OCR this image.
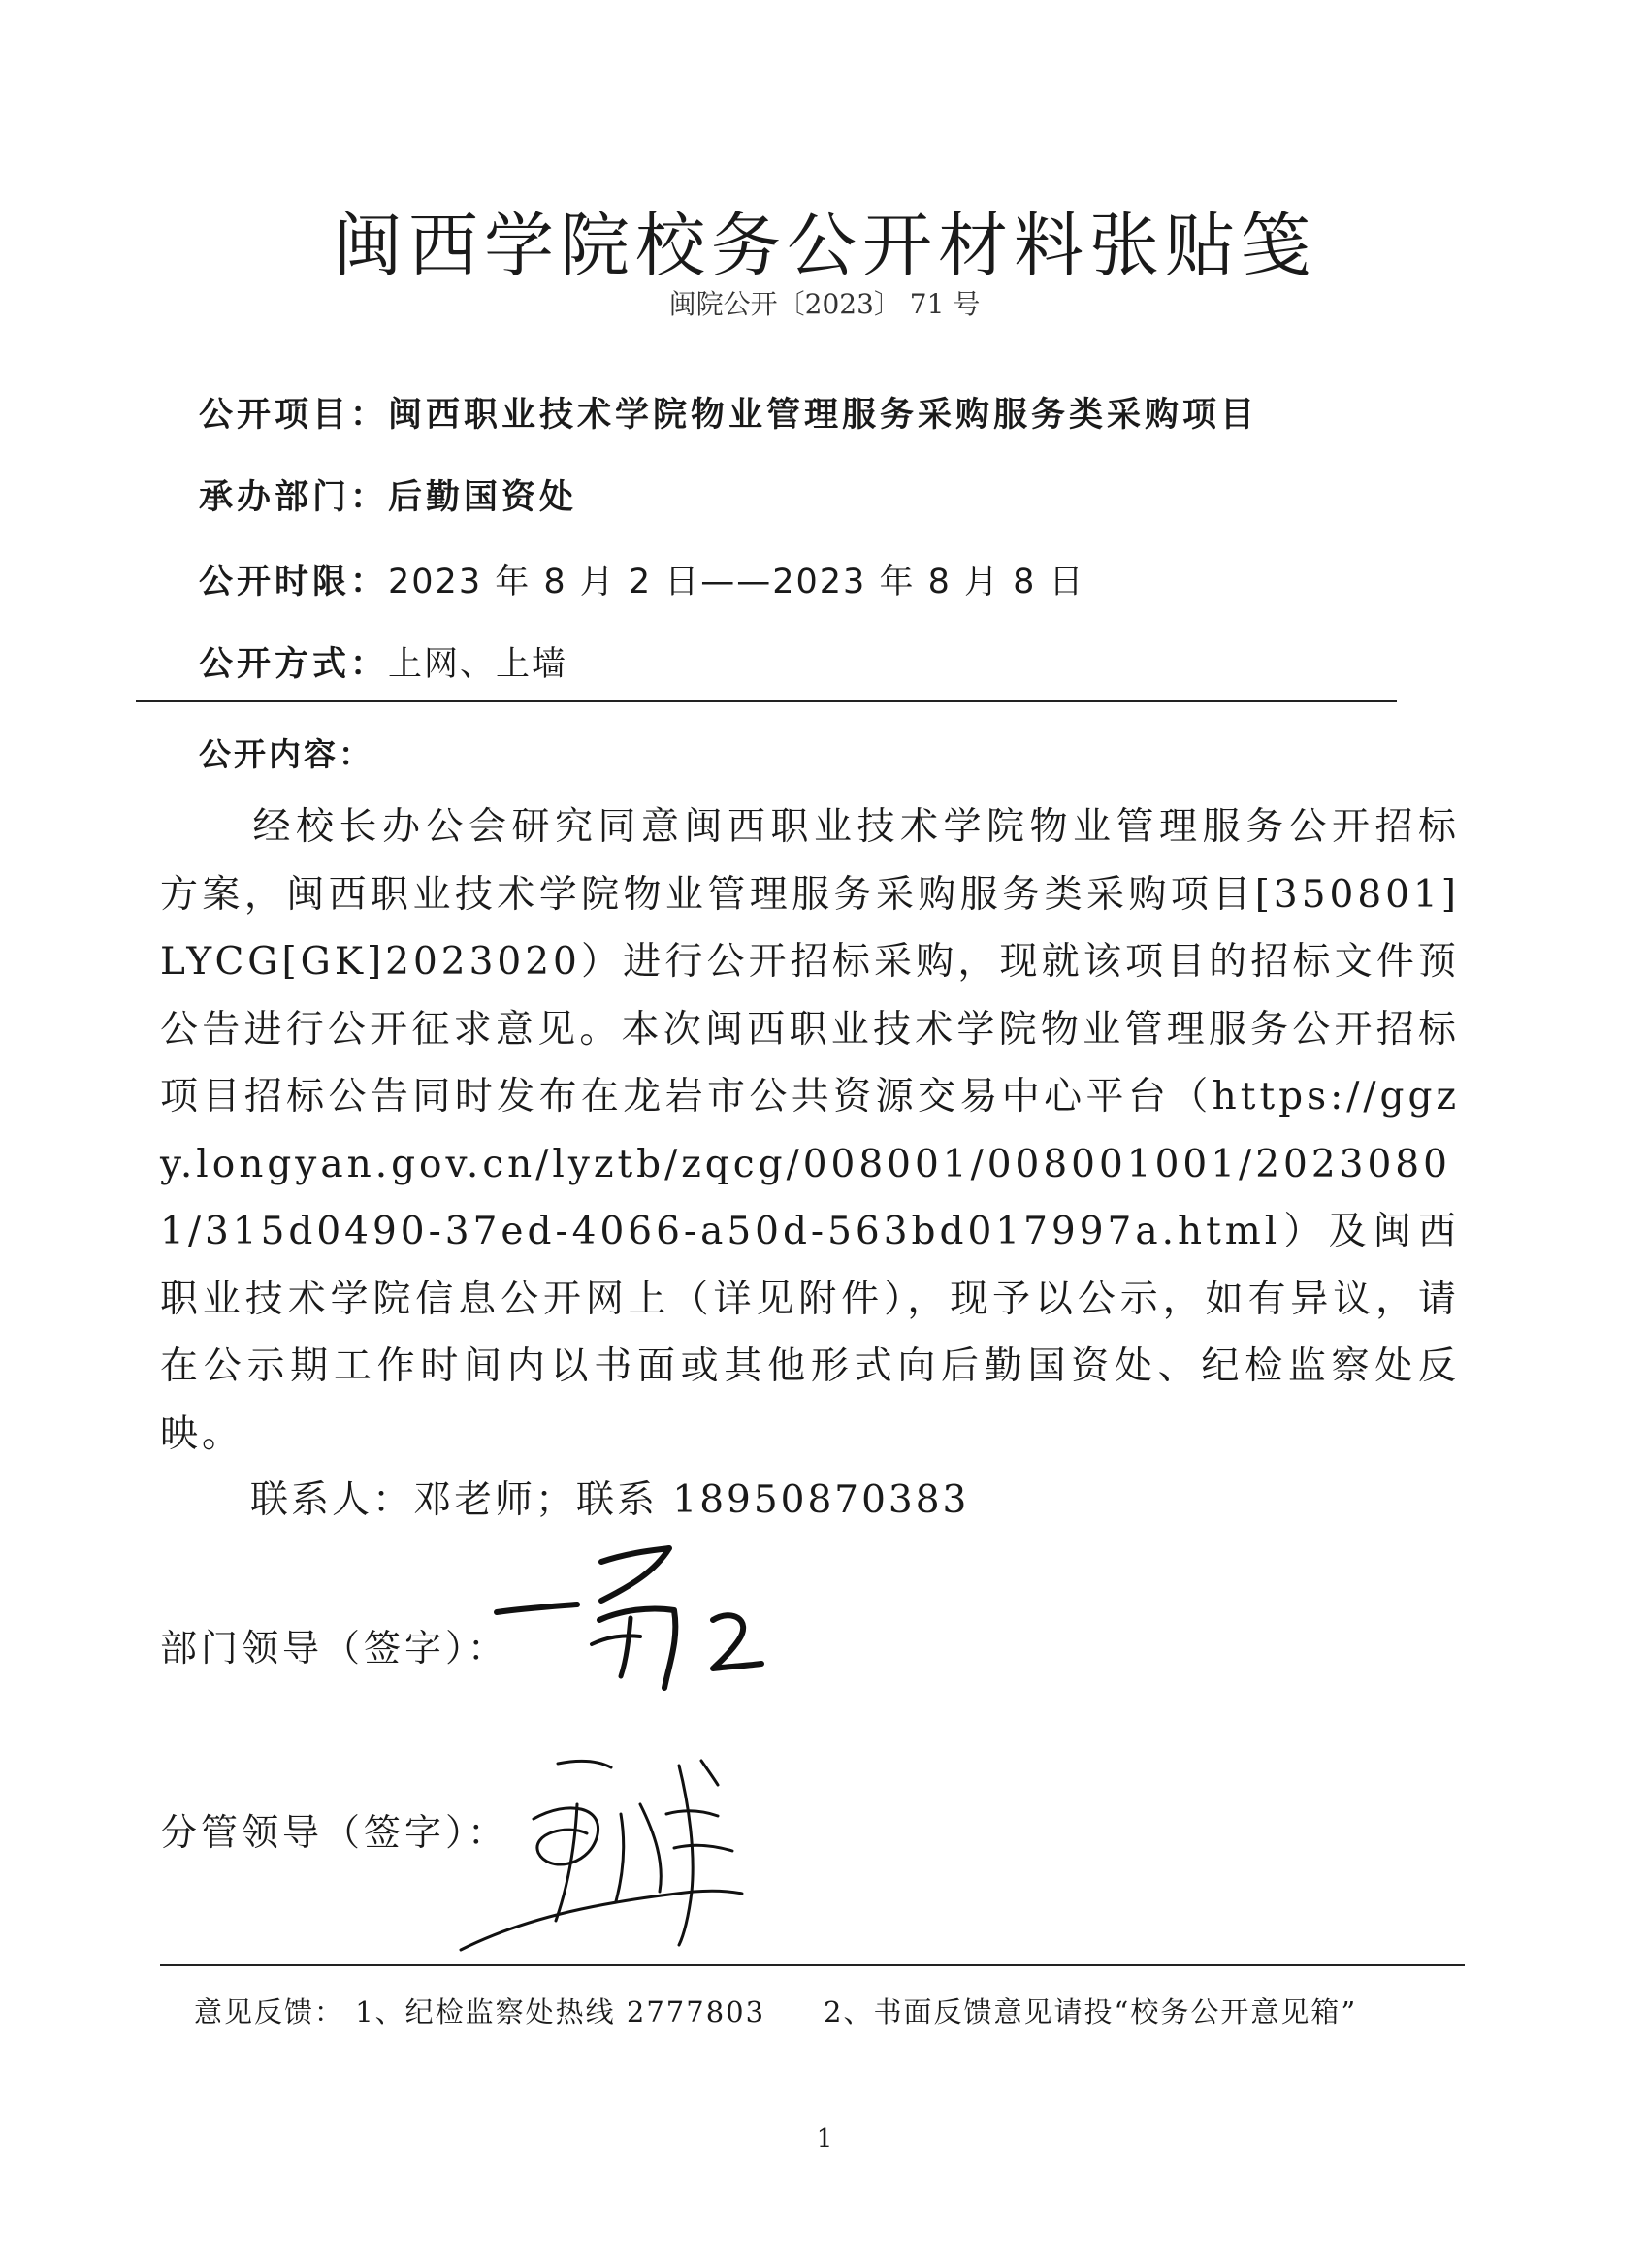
闽西学院校务公开材料张贴笺
闽院公开〔2023〕 71 号
公开项目：闽西职业技术学院物业管理服务采购服务类采购项目
承办部门：后勤国资处
公开时限：2023 年 8 月 2 日——2023 年 8 月 8 日
公开方式：上网、上墙
公开内容：
经校长办公会研究同意闽西职业技术学院物业管理服务公开招标方案，闽西职业技术学院物业管理服务采购服务类采购项目[350801]LYCG[GK]2023020）进行公开招标采购，现就该项目的招标文件预公告进行公开征求意见。本次闽西职业技术学院物业管理服务公开招标项目招标公告同时发布在龙岩市公共资源交易中心平台（https://ggzy.longyan.gov.cn/lyztb/zqcg/008001/008001001/20230801/315d0490-37ed-4066-a50d-563bd017997a.html）及闽西职业技术学院信息公开网上（详见附件），现予以公示，如有异议，请在公示期工作时间内以书面或其他形式向后勤国资处、纪检监察处反映。
联系人：邓老师；联系 18950870383
部门领导（签字）：
分管领导（签字）：
意见反馈： 1、纪检监察处热线 2777803 2、书面反馈意见请投“校务公开意见箱”
1
